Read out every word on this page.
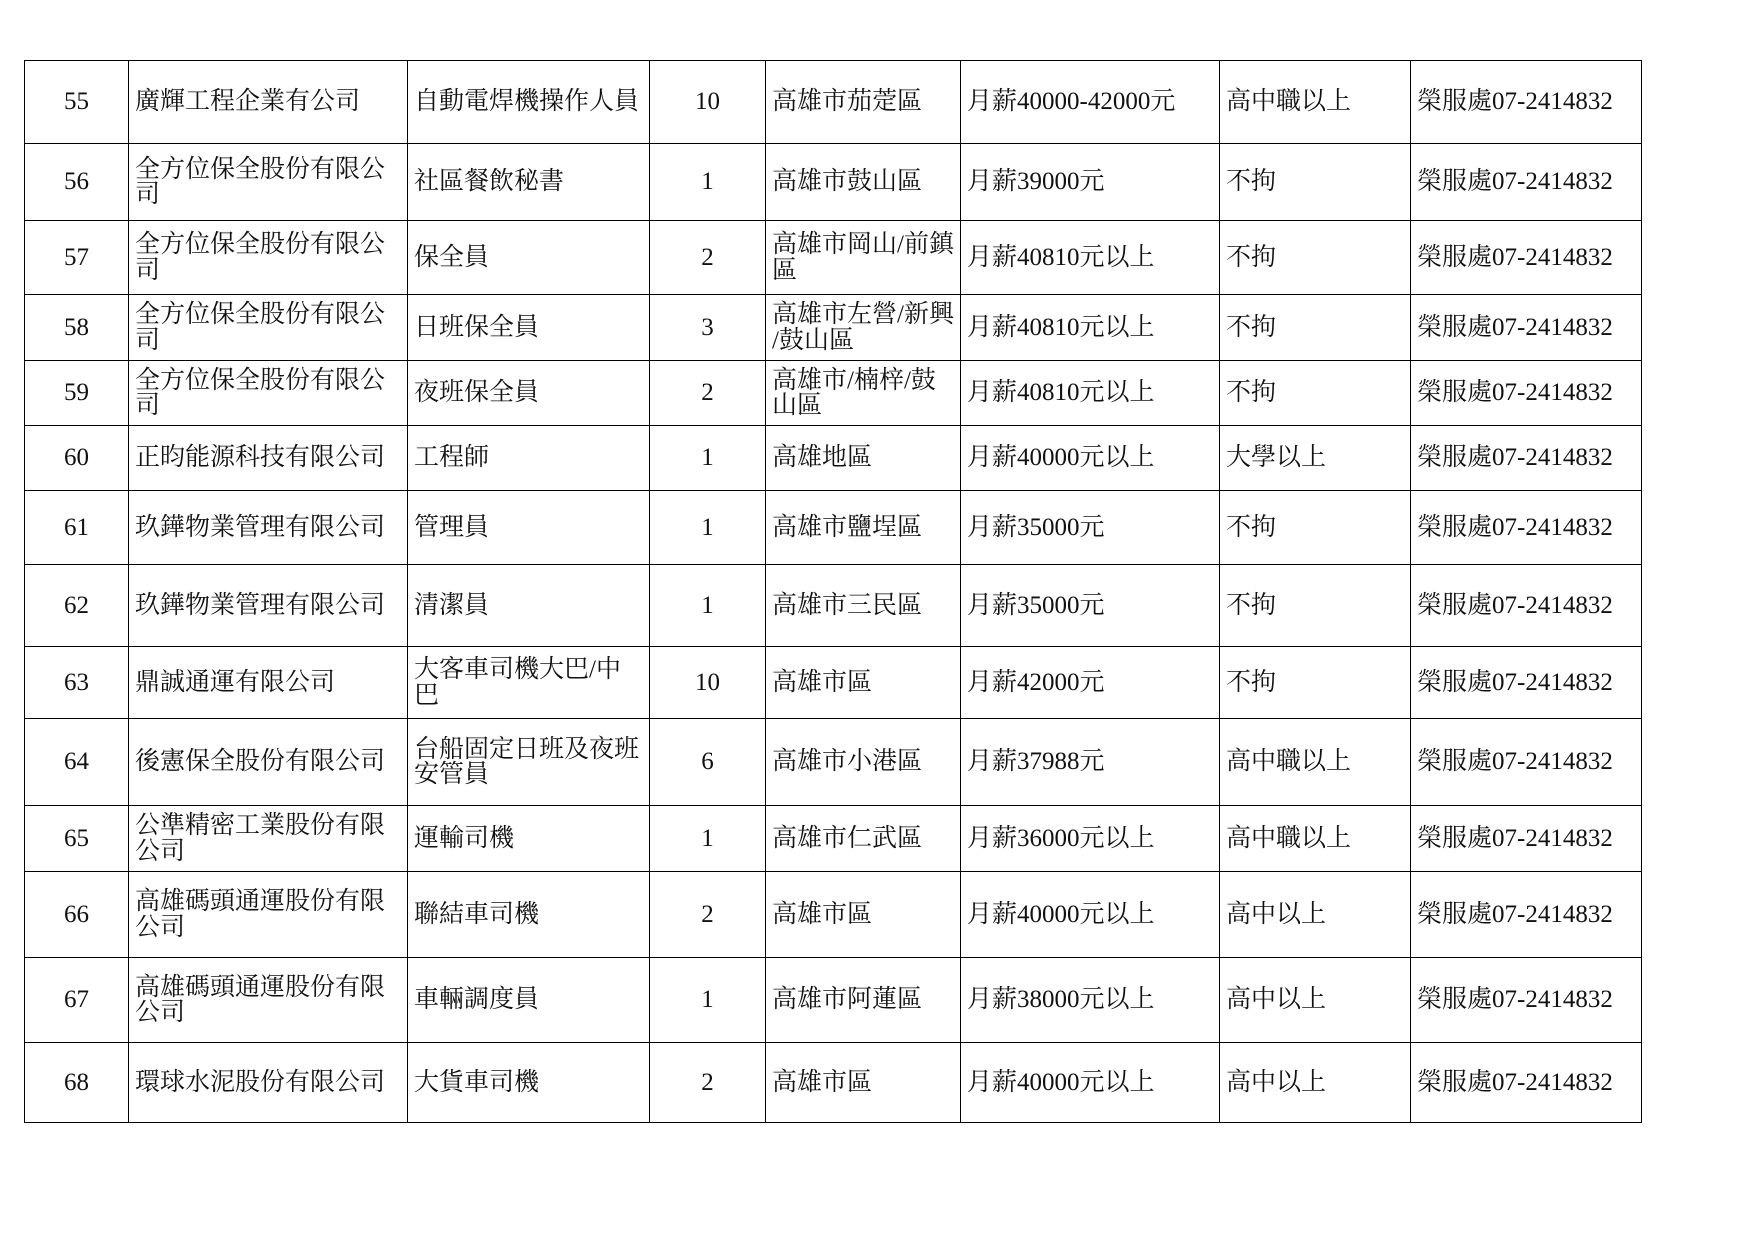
55	廣輝工程企業有公司	自動電焊機操作人員	10	高雄市茄萣區	月薪40000-42000元	高中職以上	榮服處07-2414832
56	全方位保全股份有限公司	社區餐飲秘書	1	高雄市鼓山區	月薪39000元	不拘	榮服處07-2414832
57	全方位保全股份有限公司	保全員	2	高雄市岡山/前鎮區	月薪40810元以上	不拘	榮服處07-2414832
58	全方位保全股份有限公司	日班保全員	3	高雄市左營/新興/鼓山區	月薪40810元以上	不拘	榮服處07-2414832
59	全方位保全股份有限公司	夜班保全員	2	高雄市/楠梓/鼓山區	月薪40810元以上	不拘	榮服處07-2414832
60	正昀能源科技有限公司	工程師	1	高雄地區	月薪40000元以上	大學以上	榮服處07-2414832
61	玖鏵物業管理有限公司	管理員	1	高雄市鹽埕區	月薪35000元	不拘	榮服處07-2414832
62	玖鏵物業管理有限公司	清潔員	1	高雄市三民區	月薪35000元	不拘	榮服處07-2414832
63	鼎誠通運有限公司	大客車司機大巴/中巴	10	高雄市區	月薪42000元	不拘	榮服處07-2414832
64	後憲保全股份有限公司	台船固定日班及夜班安管員	6	高雄市小港區	月薪37988元	高中職以上	榮服處07-2414832
65	公準精密工業股份有限公司	運輸司機	1	高雄市仁武區	月薪36000元以上	高中職以上	榮服處07-2414832
66	高雄碼頭通運股份有限公司	聯結車司機	2	高雄市區	月薪40000元以上	高中以上	榮服處07-2414832
67	高雄碼頭通運股份有限公司	車輛調度員	1	高雄市阿蓮區	月薪38000元以上	高中以上	榮服處07-2414832
68	環球水泥股份有限公司	大貨車司機	2	高雄市區	月薪40000元以上	高中以上	榮服處07-2414832
